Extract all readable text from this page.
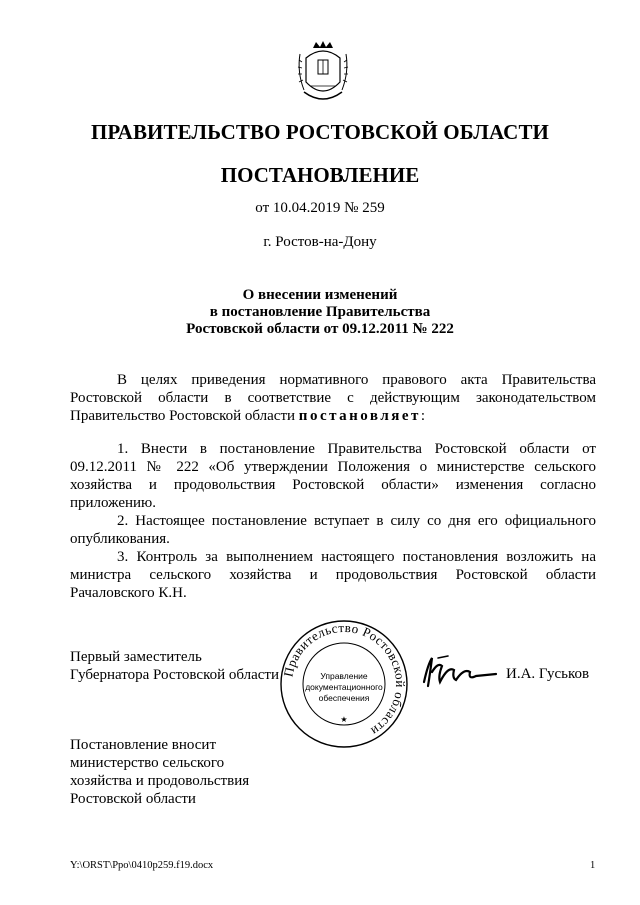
ПРАВИТЕЛЬСТВО РОСТОВСКОЙ ОБЛАСТИ
ПОСТАНОВЛЕНИЕ
от 10.04.2019 № 259
г. Ростов-на-Дону
О внесении изменений
в постановление Правительства
Ростовской области от 09.12.2011 № 222

В целях приведения нормативного правового акта Правительства Ростовской области в соответствие с действующим законодательством Правительство Ростовской области постановляет:

1. Внести в постановление Правительства Ростовской области от 09.12.2011 № 222 «Об утверждении Положения о министерстве сельского хозяйства и продовольствия Ростовской области» изменения согласно приложению.

2. Настоящее постановление вступает в силу со дня его официального опубликования.

3. Контроль за выполнением настоящего постановления возложить на министра сельского хозяйства и продовольствия Ростовской области Рачаловского К.Н.

Первый заместитель
Губернатора Ростовской области Правительство Ростовской области
Управление
документационного
обеспечения
★
И.А. Гуськов
Постановление вносит
министерство сельского
хозяйства и продовольствия
Ростовской области
Y:\ORST\Ppo\0410p259.f19.docx	1
